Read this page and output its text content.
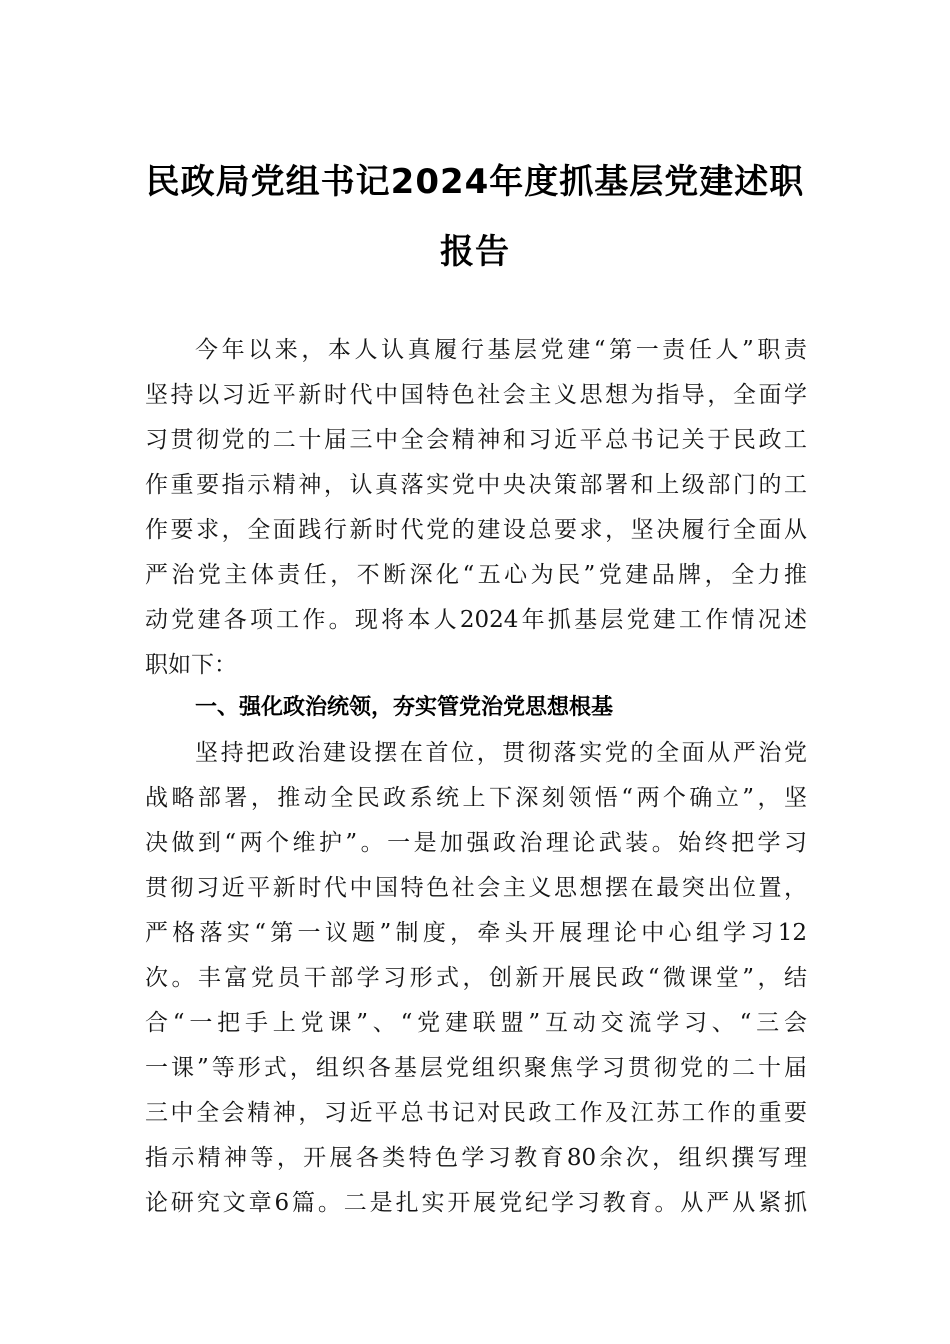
民政局党组书记2024年度抓基层党建述职
报告

今年以来，本人认真履行基层党建“第一责任人”职责

坚持以习近平新时代中国特色社会主义思想为指导，全面学

习贯彻党的二十届三中全会精神和习近平总书记关于民政工

作重要指示精神，认真落实党中央决策部署和上级部门的工

作要求，全面践行新时代党的建设总要求，坚决履行全面从

严治党主体责任，不断深化“五心为民”党建品牌，全力推

动党建各项工作。现将本人2024年抓基层党建工作情况述

职如下：

一、强化政治统领，夯实管党治党思想根基

坚持把政治建设摆在首位，贯彻落实党的全面从严治党

战略部署，推动全民政系统上下深刻领悟“两个确立”，坚

决做到“两个维护”。一是加强政治理论武装。始终把学习

贯彻习近平新时代中国特色社会主义思想摆在最突出位置，

严格落实“第一议题”制度，牵头开展理论中心组学习12

次。丰富党员干部学习形式，创新开展民政“微课堂”，结

合“一把手上党课”、“党建联盟”互动交流学习、“三会

一课”等形式，组织各基层党组织聚焦学习贯彻党的二十届

三中全会精神，习近平总书记对民政工作及江苏工作的重要

指示精神等，开展各类特色学习教育80余次，组织撰写理

论研究文章6篇。二是扎实开展党纪学习教育。从严从紧抓
